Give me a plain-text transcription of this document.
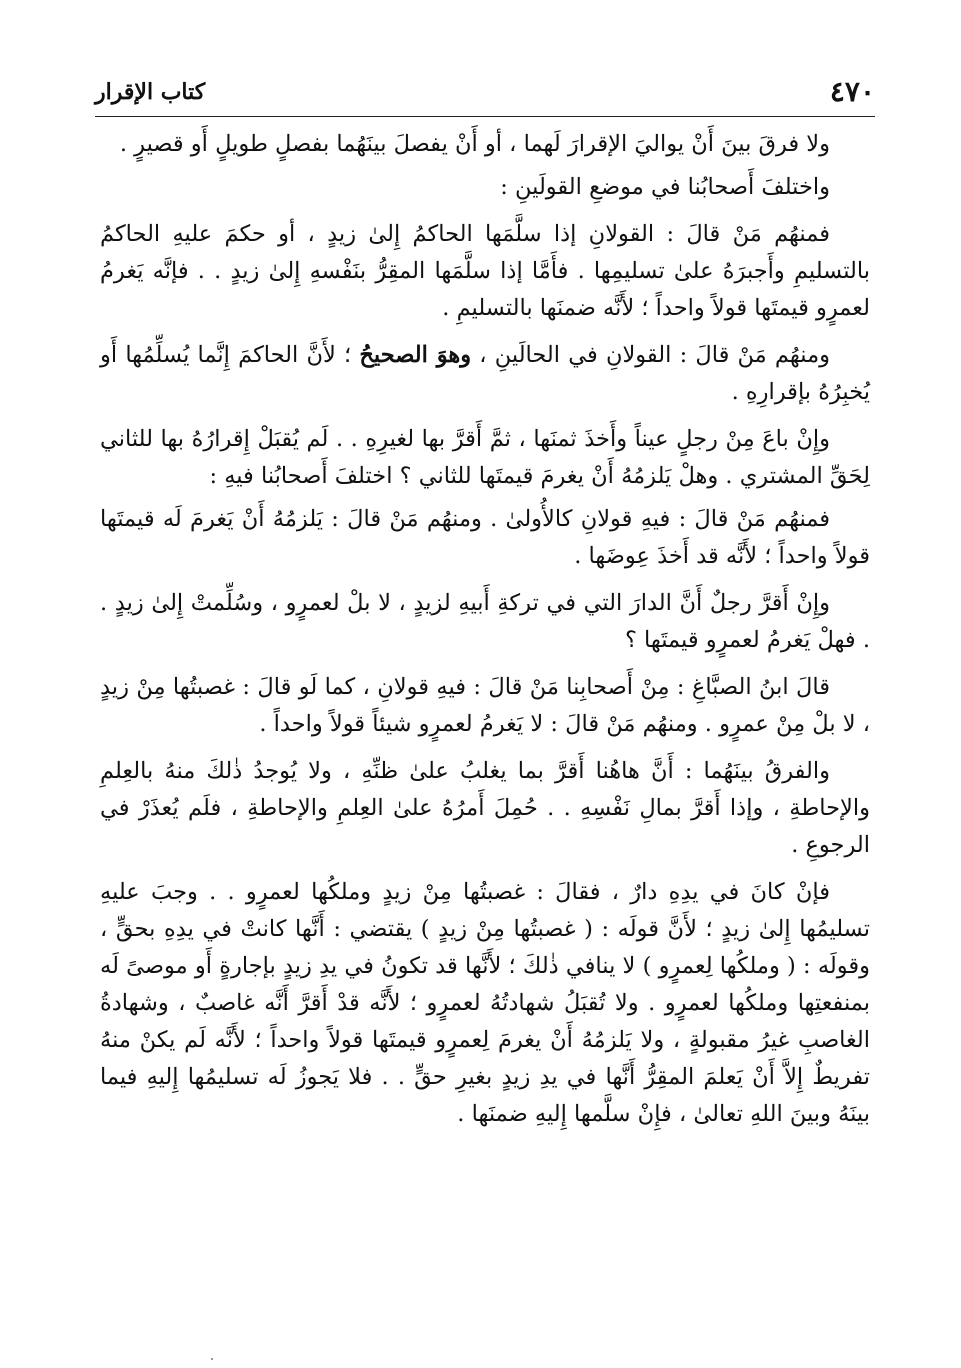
٤٧٠
كتاب الإقرار

ولا فرقَ بينَ أَنْ يواليَ الإقرارَ لَهما ، أو أَنْ يفصلَ بينَهُما بفصلٍ طويلٍ أَو قصيرٍ .

واختلفَ أَصحابُنا في موضعِ القولَينِ :

فمنهُم مَنْ قالَ : القولانِ إذا سلَّمَها الحاكمُ إِلىٰ زيدٍ ، أو حكمَ عليهِ الحاكمُ بالتسليمِ وأَجبرَهُ علىٰ تسليمِها . فأَمَّا إذا سلَّمَها المقِرُّ بنَفْسهِ إِلىٰ زيدٍ . . فإنَّه يَغرمُ لعمرٍو قيمتَها قولاً واحداً ؛ لأَنَّه ضمنَها بالتسليمِ .

ومنهُم مَنْ قالَ : القولانِ في الحالَينِ ، وهوَ الصحيحُ ؛ لأَنَّ الحاكمَ إِنَّما يُسلِّمُها أَو يُخبِرُهُ بإقرارِهِ .

وإِنْ باعَ مِنْ رجلٍ عيناً وأَخذَ ثمنَها ، ثمَّ أَقرَّ بها لغيرِهِ . . لَم يُقبَلْ إِقرارُهُ بها للثاني لِحَقِّ المشتري . وهلْ يَلزمُهُ أَنْ يغرمَ قيمتَها للثاني ؟ اختلفَ أَصحابُنا فيهِ :

فمنهُم مَنْ قالَ : فيهِ قولانِ كالأُولىٰ . ومنهُم مَنْ قالَ : يَلزمُهُ أَنْ يَغرمَ لَه قيمتَها قولاً واحداً ؛ لأَنَّه قد أَخذَ عِوضَها .

وإِنْ أَقرَّ رجلٌ أَنَّ الدارَ التي في تركةِ أَبيهِ لزيدٍ ، لا بلْ لعمرٍو ، وسُلِّمتْ إِلىٰ زيدٍ . . فهلْ يَغرمُ لعمرٍو قيمتَها ؟

قالَ ابنُ الصبَّاغِ : مِنْ أَصحابِنا مَنْ قالَ : فيهِ قولانِ ، كما لَو قالَ : غصبتُها مِنْ زيدٍ ، لا بلْ مِنْ عمرٍو . ومنهُم مَنْ قالَ : لا يَغرمُ لعمرٍو شيئاً قولاً واحداً .

والفرقُ بينَهُما : أَنَّ هاهُنا أَقرَّ بما يغلبُ علىٰ ظنِّهِ ، ولا يُوجدُ ذٰلكَ منهُ بالعِلمِ والإحاطةِ ، وإذا أَقرَّ بمالِ نَفْسِهِ . . حُمِلَ أَمرُهُ علىٰ العِلمِ والإحاطةِ ، فلَم يُعذَرْ في الرجوعِ .

فإنْ كانَ في يدِهِ دارٌ ، فقالَ : غصبتُها مِنْ زيدٍ وملكُها لعمرٍو . . وجبَ عليهِ تسليمُها إِلىٰ زيدٍ ؛ لأَنَّ قولَه : ( غصبتُها مِنْ زيدٍ ) يقتضي : أَنَّها كانتْ في يدِهِ بحقٍّ ، وقولَه : ( وملكُها لِعمرٍو ) لا ينافي ذٰلكَ ؛ لأَنَّها قد تكونُ في يدِ زيدٍ بإجارةٍ أَو موصىً لَه بمنفعتِها وملكُها لعمرٍو . ولا تُقبَلُ شهادتُهُ لعمرٍو ؛ لأَنَّه قدْ أَقرَّ أَنَّه غاصبٌ ، وشهادةُ الغاصبِ غيرُ مقبولةٍ ، ولا يَلزمُهُ أَنْ يغرمَ لِعمرٍو قيمتَها قولاً واحداً ؛ لأَنَّه لَم يكنْ منهُ تفريطٌ إِلاَّ أَنْ يَعلمَ المقِرُّ أَنَّها في يدِ زيدٍ بغيرِ حقٍّ . . فلا يَجوزُ لَه تسليمُها إِليهِ فيما بينَهُ وبينَ اللهِ تعالىٰ ، فإِنْ سلَّمها إِليهِ ضمنَها .
